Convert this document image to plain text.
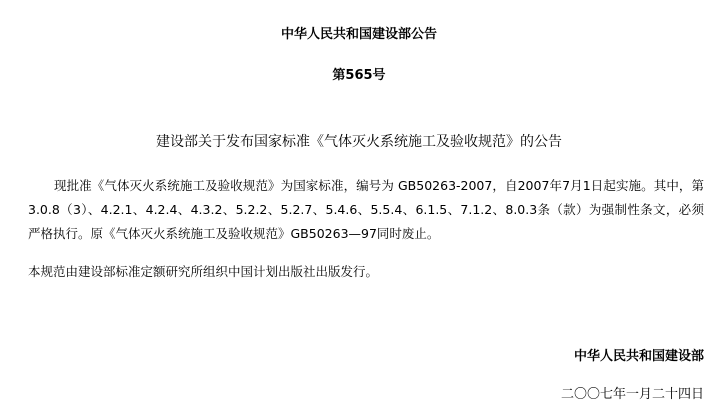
中华人民共和国建设部公告
第565号
建设部关于发布国家标准《气体灭火系统施工及验收规范》的公告

现批准《气体灭火系统施工及验收规范》为国家标准，编号为 GB50263-2007，自2007年7月1日起实施。其中，第3.0.8（3）、4.2.1、4.2.4、4.3.2、5.2.2、5.2.7、5.4.6、5.5.4、6.1.5、7.1.2、8.0.3条（款）为强制性条文，必须严格执行。原《气体灭火系统施工及验收规范》GB50263—97同时废止。

本规范由建设部标准定额研究所组织中国计划出版社出版发行。

中华人民共和国建设部
二〇〇七年一月二十四日
